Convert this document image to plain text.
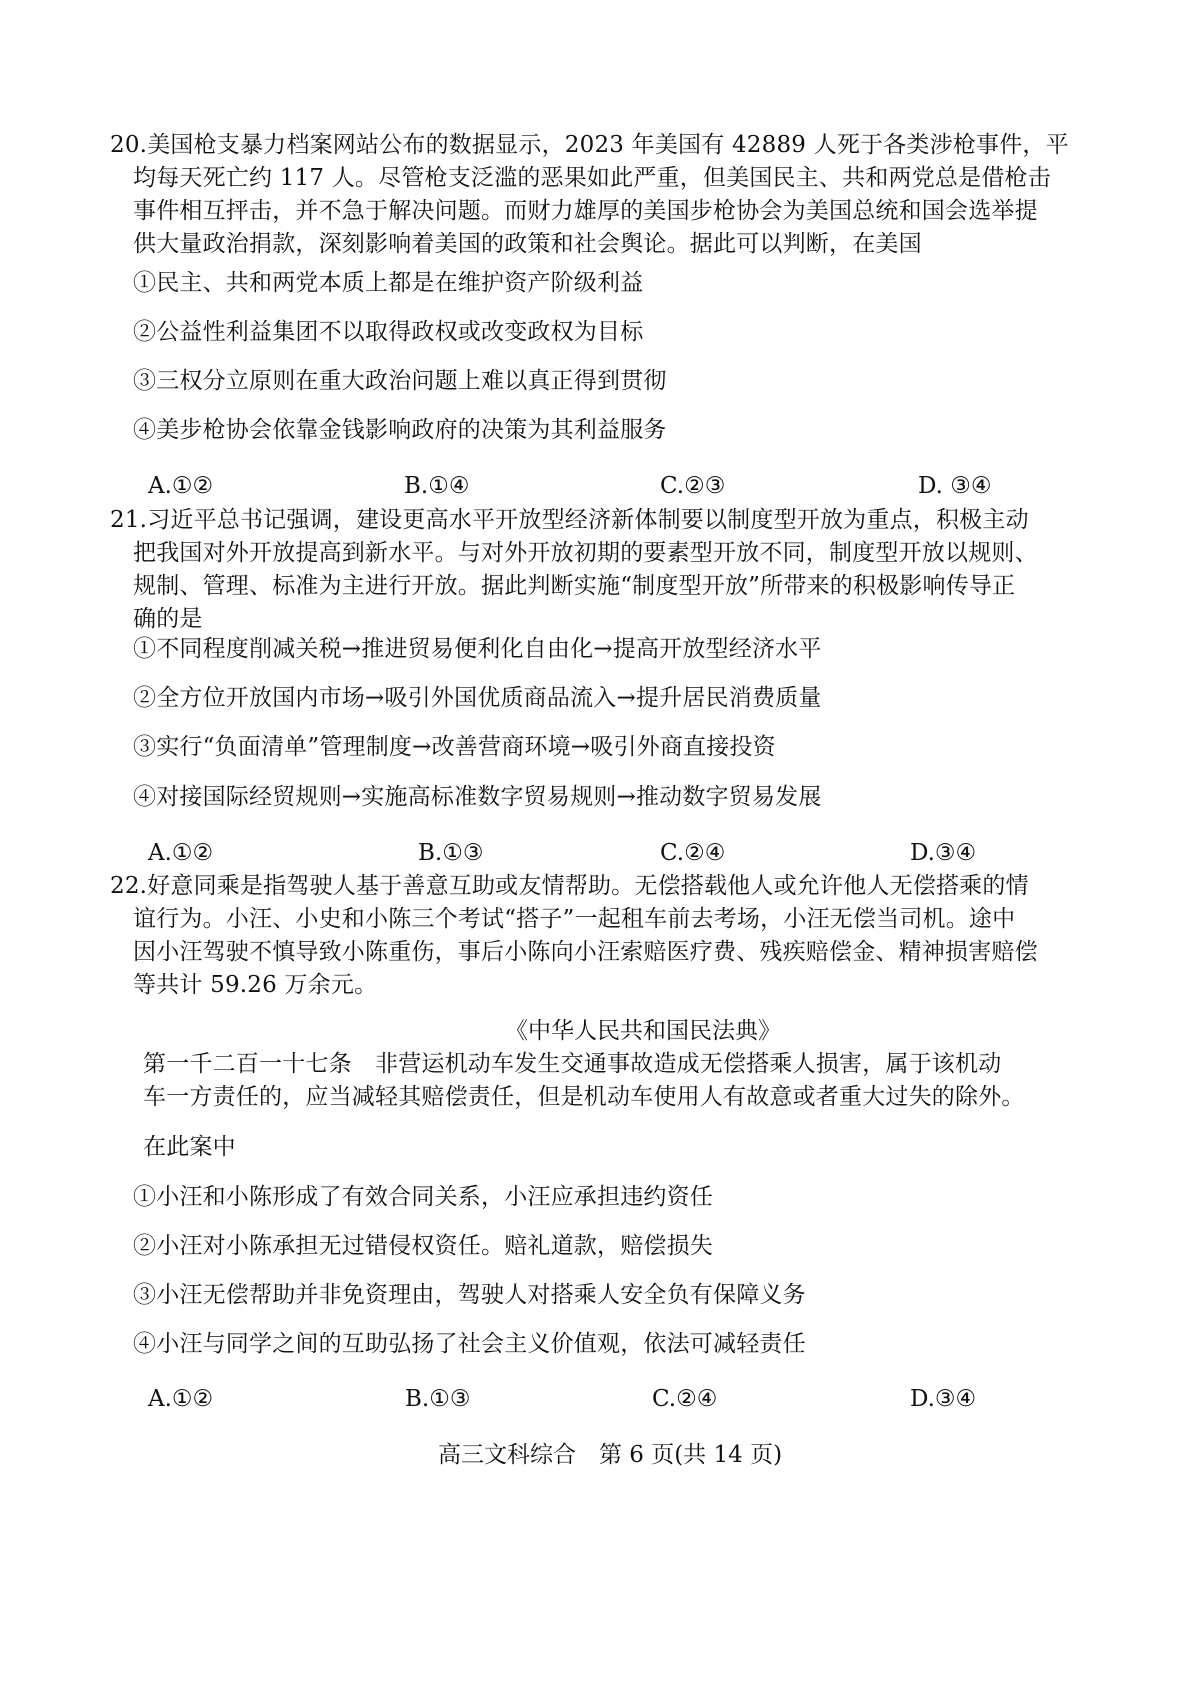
20.美国枪支暴力档案网站公布的数据显示，2023 年美国有 42889 人死于各类涉枪事件，平
均每天死亡约 117 人。尽管枪支泛滥的恶果如此严重，但美国民主、共和两党总是借枪击
事件相互抨击，并不急于解决问题。而财力雄厚的美国步枪协会为美国总统和国会选举提
供大量政治捐款，深刻影响着美国的政策和社会舆论。据此可以判断，在美国
①民主、共和两党本质上都是在维护资产阶级利益
②公益性利益集团不以取得政权或改变政权为目标
③三权分立原则在重大政治问题上难以真正得到贯彻
④美步枪协会依靠金钱影响政府的决策为其利益服务
A.①②	B.①④	C.②③	D. ③④
21.习近平总书记强调，建设更高水平开放型经济新体制要以制度型开放为重点，积极主动
把我国对外开放提高到新水平。与对外开放初期的要素型开放不同，制度型开放以规则、
规制、管理、标准为主进行开放。据此判断实施“制度型开放”所带来的积极影响传导正
确的是
①不同程度削减关税→推进贸易便利化自由化→提高开放型经济水平
②全方位开放国内市场→吸引外国优质商品流入→提升居民消费质量
③实行“负面清单”管理制度→改善营商环境→吸引外商直接投资
④对接国际经贸规则→实施高标准数字贸易规则→推动数字贸易发展
A.①②	B.①③	C.②④	D.③④
22.好意同乘是指驾驶人基于善意互助或友情帮助。无偿搭载他人或允许他人无偿搭乘的情
谊行为。小汪、小史和小陈三个考试“搭子”一起租车前去考场，小汪无偿当司机。途中
因小汪驾驶不慎导致小陈重伤，事后小陈向小汪索赔医疗费、残疾赔偿金、精神损害赔偿
等共计 59.26 万余元。
《中华人民共和国民法典》
第一千二百一十七条　非营运机动车发生交通事故造成无偿搭乘人损害，属于该机动
车一方责任的，应当减轻其赔偿责任，但是机动车使用人有故意或者重大过失的除外。
在此案中
①小汪和小陈形成了有效合同关系，小汪应承担违约资任
②小汪对小陈承担无过错侵权资任。赔礼道款，赔偿损失
③小汪无偿帮助并非免资理由，驾驶人对搭乘人安全负有保障义务
④小汪与同学之间的互助弘扬了社会主义价值观，依法可减轻责任
A.①②	B.①③	C.②④	D.③④
高三文科综合　第 6 页(共 14 页)
